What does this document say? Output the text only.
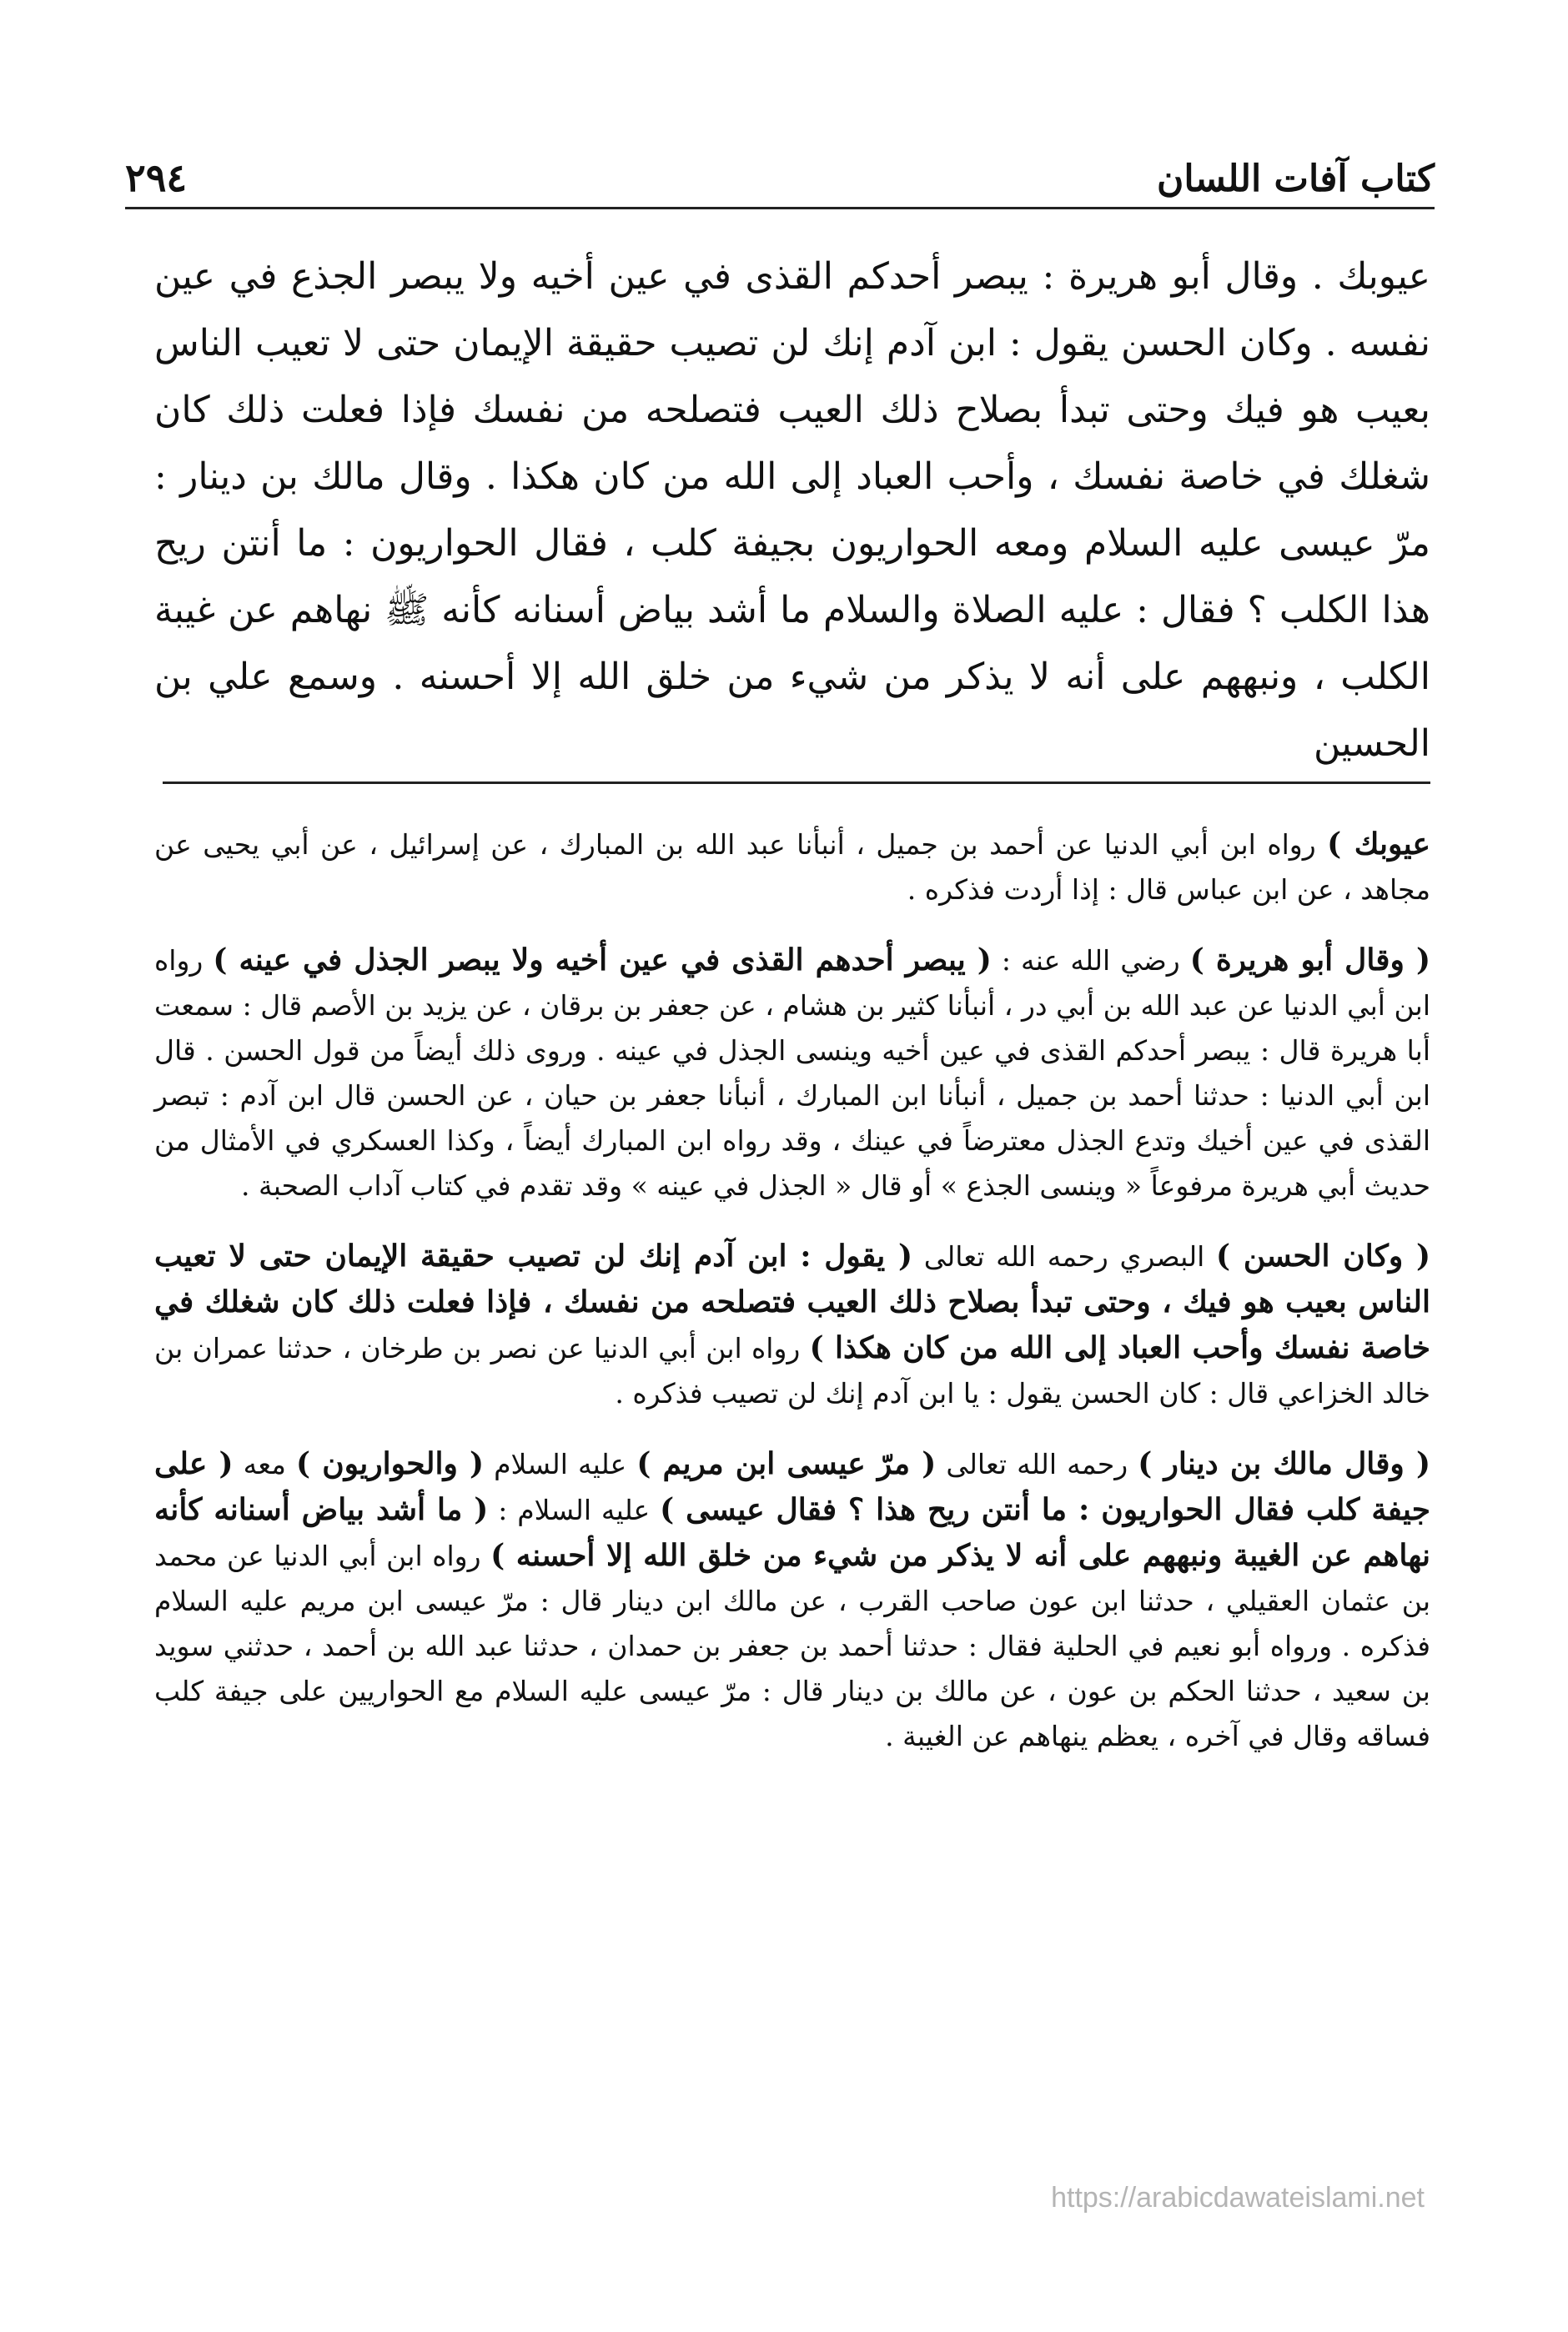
٢٩٤	كتاب آفات اللسان

عيوبك . وقال أبو هريرة : يبصر أحدكم القذى في عين أخيه ولا يبصر الجذع في عين نفسه . وكان الحسن يقول : ابن آدم إنك لن تصيب حقيقة الإيمان حتى لا تعيب الناس بعيب هو فيك وحتى تبدأ بصلاح ذلك العيب فتصلحه من نفسك فإذا فعلت ذلك كان شغلك في خاصة نفسك ، وأحب العباد إلى الله من كان هكذا . وقال مالك بن دينار : مرّ عيسى عليه السلام ومعه الحواريون بجيفة كلب ، فقال الحواريون : ما أنتن ريح هذا الكلب ؟ فقال : عليه الصلاة والسلام ما أشد بياض أسنانه كأنه ﷺ نهاهم عن غيبة الكلب ، ونبههم على أنه لا يذكر من شيء من خلق الله إلا أحسنه . وسمع علي بن الحسين

عيوبك ) رواه ابن أبي الدنيا عن أحمد بن جميل ، أنبأنا عبد الله بن المبارك ، عن إسرائيل ، عن أبي يحيى عن مجاهد ، عن ابن عباس قال : إذا أردت فذكره .

( وقال أبو هريرة ) رضي الله عنه : ( يبصر أحدهم القذى في عين أخيه ولا يبصر الجذل في عينه ) رواه ابن أبي الدنيا عن عبد الله بن أبي در ، أنبأنا كثير بن هشام ، عن جعفر بن برقان ، عن يزيد بن الأصم قال : سمعت أبا هريرة قال : يبصر أحدكم القذى في عين أخيه وينسى الجذل في عينه . وروى ذلك أيضاً من قول الحسن . قال ابن أبي الدنيا : حدثنا أحمد بن جميل ، أنبأنا ابن المبارك ، أنبأنا جعفر بن حيان ، عن الحسن قال ابن آدم : تبصر القذى في عين أخيك وتدع الجذل معترضاً في عينك ، وقد رواه ابن المبارك أيضاً ، وكذا العسكري في الأمثال من حديث أبي هريرة مرفوعاً « وينسى الجذع » أو قال « الجذل في عينه » وقد تقدم في كتاب آداب الصحبة .

( وكان الحسن ) البصري رحمه الله تعالى ( يقول : ابن آدم إنك لن تصيب حقيقة الإيمان حتى لا تعيب الناس بعيب هو فيك ، وحتى تبدأ بصلاح ذلك العيب فتصلحه من نفسك ، فإذا فعلت ذلك كان شغلك في خاصة نفسك وأحب العباد إلى الله من كان هكذا ) رواه ابن أبي الدنيا عن نصر بن طرخان ، حدثنا عمران بن خالد الخزاعي قال : كان الحسن يقول : يا ابن آدم إنك لن تصيب فذكره .

( وقال مالك بن دينار ) رحمه الله تعالى ( مرّ عيسى ابن مريم ) عليه السلام ( والحواريون ) معه ( على جيفة كلب فقال الحواريون : ما أنتن ريح هذا ؟ فقال عيسى ) عليه السلام : ( ما أشد بياض أسنانه كأنه نهاهم عن الغيبة ونبههم على أنه لا يذكر من شيء من خلق الله إلا أحسنه ) رواه ابن أبي الدنيا عن محمد بن عثمان العقيلي ، حدثنا ابن عون صاحب القرب ، عن مالك ابن دينار قال : مرّ عيسى ابن مريم عليه السلام فذكره . ورواه أبو نعيم في الحلية فقال : حدثنا أحمد بن جعفر بن حمدان ، حدثنا عبد الله بن أحمد ، حدثني سويد بن سعيد ، حدثنا الحكم بن عون ، عن مالك بن دينار قال : مرّ عيسى عليه السلام مع الحواريين على جيفة كلب فساقه وقال في آخره ، يعظم ينهاهم عن الغيبة .

https://arabicdawateislami.net
